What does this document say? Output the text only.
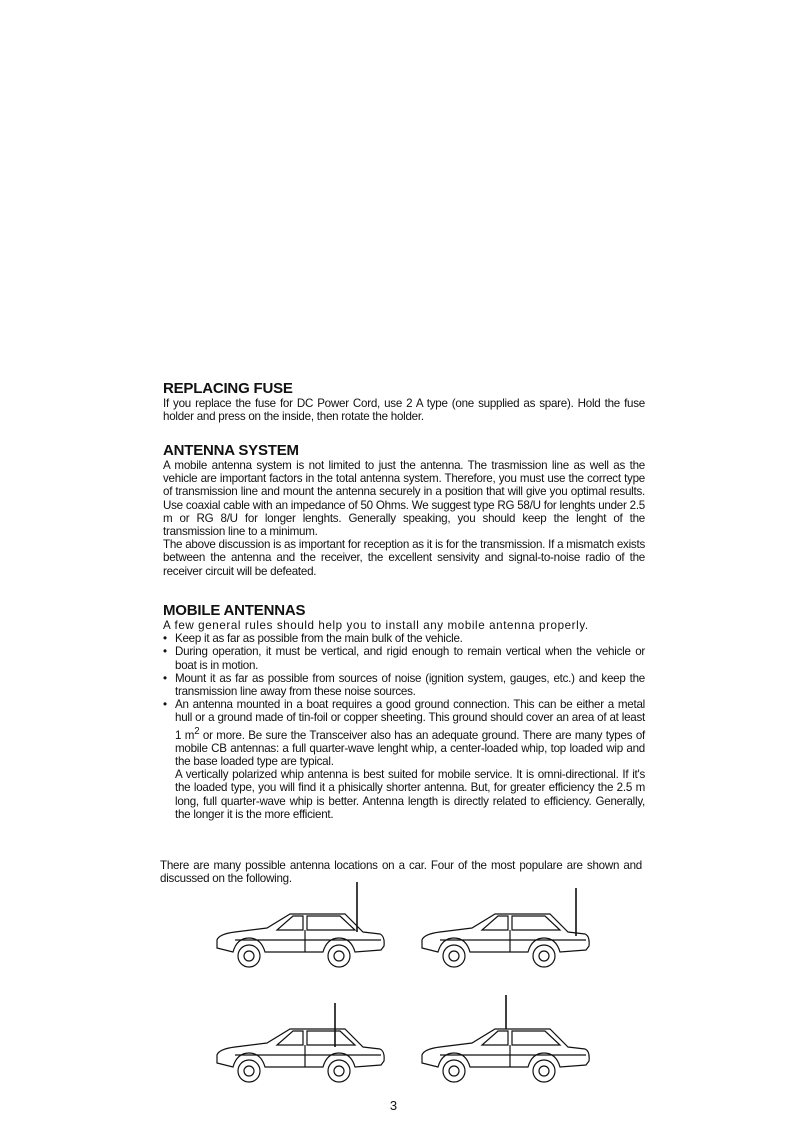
REPLACING FUSE

If you replace the fuse for DC Power Cord, use 2 A type (one supplied as spare). Hold the fuse holder and press on the inside, then rotate the holder.

ANTENNA SYSTEM

A mobile antenna system is not limited to just the antenna. The trasmission line as well as the vehicle are important factors in the total antenna system. Therefore, you must use the correct type of transmission line and mount the antenna securely in a position that will give you optimal results. Use coaxial cable with an impedance of 50 Ohms. We suggest type RG 58/U for lenghts under 2.5 m or RG 8/U for longer lenghts. Generally speaking, you should keep the lenght of the transmission line to a minimum.

The above discussion is as important for reception as it is for the transmission. If a mismatch exists between the antenna and the receiver, the excellent sensivity and signal-to-noise radio of the receiver circuit will be defeated.

MOBILE ANTENNAS

A few general rules should help you to install any mobile antenna properly.

• Keep it as far as possible from the main bulk of the vehicle.
• During operation, it must be vertical, and rigid enough to remain vertical when the vehicle or boat is in motion.
• Mount it as far as possible from sources of noise (ignition system, gauges, etc.) and keep the transmission line away from these noise sources.
• An antenna mounted in a boat requires a good ground connection. This can be either a metal hull or a ground made of tin-foil or copper sheeting. This ground should cover an area of at least 1 $m^2$ or more. Be sure the Transceiver also has an adequate ground. There are many types of mobile CB antennas: a full quarter-wave lenght whip, a center-loaded whip, top loaded wip and the base loaded type are typical.

A vertically polarized whip antenna is best suited for mobile service. It is omni-directional. If it's the loaded type, you will find it a phisically shorter antenna. But, for greater efficiency the 2.5 m long, full quarter-wave whip is better. Antenna length is directly related to efficiency. Generally, the longer it is the more efficient.

There are many possible antenna locations on a car. Four of the most populare are shown and discussed on the following.

3
